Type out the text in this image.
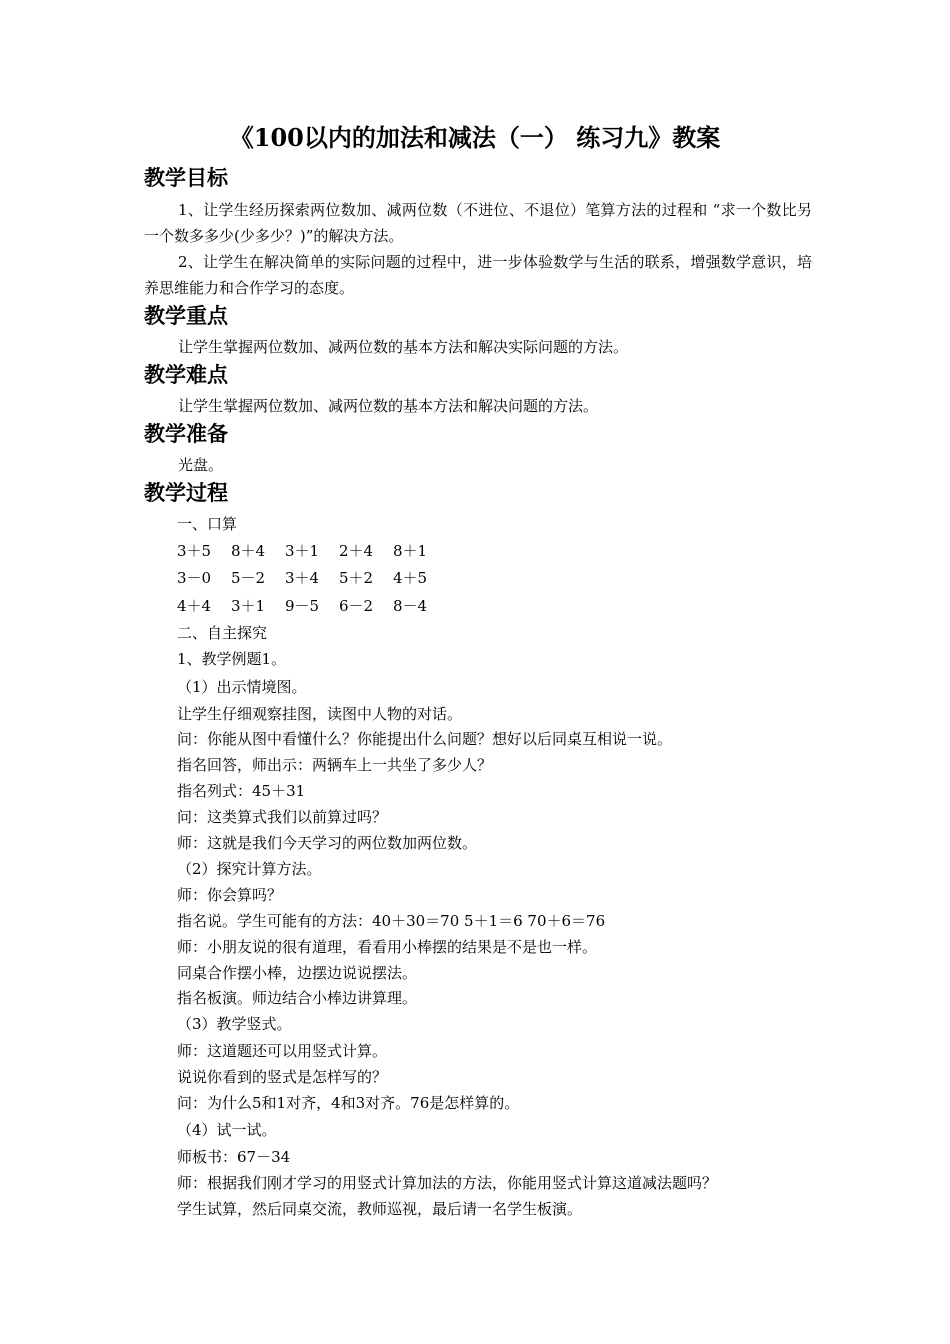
《100以内的加法和减法（一） 练习九》教案
教学目标
1、让学生经历探索两位数加、减两位数（不进位、不退位）笔算方法的过程和 “求一个数比另一个数多多少(少多少？)”的解决方法。
2、让学生在解决简单的实际问题的过程中，进一步体验数学与生活的联系，增强数学意识，培养思维能力和合作学习的态度。
教学重点
让学生掌握两位数加、减两位数的基本方法和解决实际问题的方法。
教学难点
让学生掌握两位数加、减两位数的基本方法和解决问题的方法。
教学准备
光盘。
教学过程
一、口算
3＋5 8＋4 3＋1 2＋4 8＋1
3－0 5－2 3＋4 5＋2 4＋5
4＋4 3＋1 9－5 6－2 8－4
二、自主探究
1、教学例题1。
（1）出示情境图。
让学生仔细观察挂图，读图中人物的对话。
问：你能从图中看懂什么？你能提出什么问题？想好以后同桌互相说一说。
指名回答，师出示：两辆车上一共坐了多少人？
指名列式：45＋31
问：这类算式我们以前算过吗？
师：这就是我们今天学习的两位数加两位数。
（2）探究计算方法。
师：你会算吗？
指名说。学生可能有的方法：40＋30＝70 5＋1＝6 70＋6＝76
师：小朋友说的很有道理，看看用小棒摆的结果是不是也一样。
同桌合作摆小棒，边摆边说说摆法。
指名板演。师边结合小棒边讲算理。
（3）教学竖式。
师：这道题还可以用竖式计算。
说说你看到的竖式是怎样写的？
问：为什么5和1对齐，4和3对齐。76是怎样算的。
（4）试一试。
师板书：67－34
师：根据我们刚才学习的用竖式计算加法的方法，你能用竖式计算这道减法题吗？
学生试算，然后同桌交流，教师巡视，最后请一名学生板演。
